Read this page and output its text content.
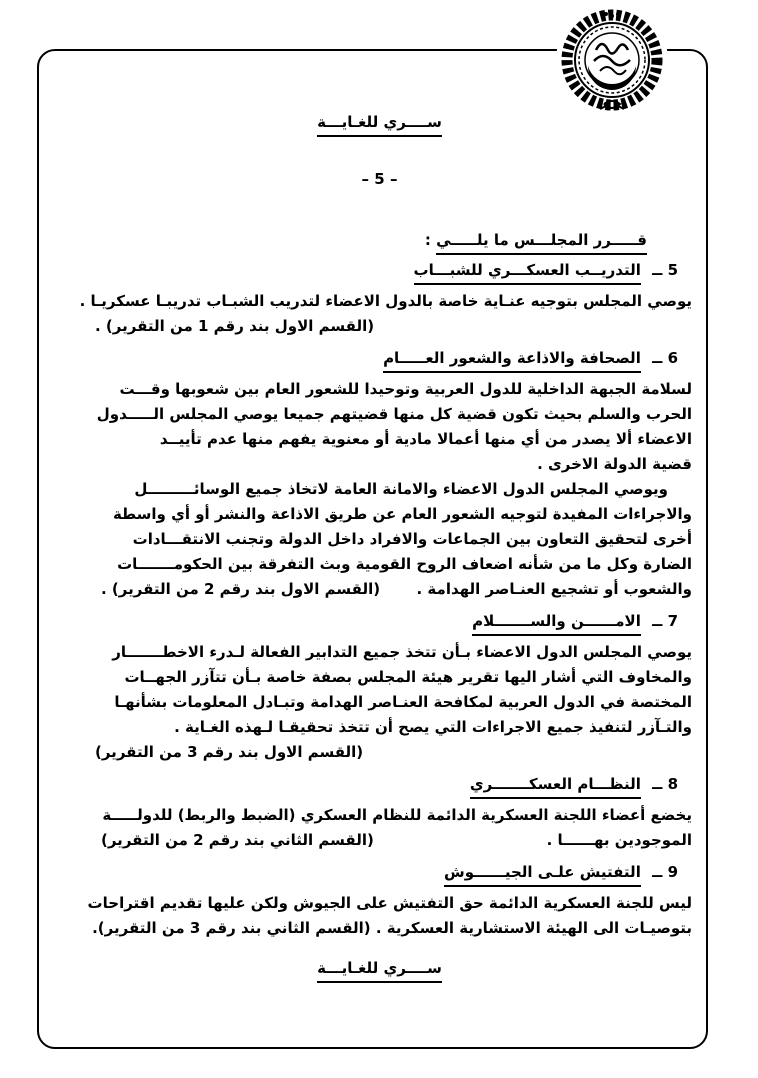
ســــري للغـايـــة
– 5 –
قـــــرر المجلـــس ما يلـــــي :
5 ــ التدريــب العسكـــري للشبـــاب
يوصي المجلس بتوجيه عنـاية خاصة بالدول الاعضاء لتدريب الشبـاب تدريبـا عسكريـا .
(القسم الاول بند رقم 1 من التقرير) .
6 ــ الصحافة والاذاعة والشعور العـــــام
لسلامة الجبهة الداخلية للدول العربية وتوحيدا للشعور العام بين شعوبها وقـــت
الحرب والسلم بحيث تكون قضية كل منها قضيتهم جميعا يوصي المجلس الـــــدول
الاعضاء ألا يصدر من أي منها أعمالا مادية أو معنوية يفهم منها عدم تأييــد
قضية الدولة الاخرى .
ويوصي المجلس الدول الاعضاء والامانة العامة لاتخاذ جميع الوسائـــــــــل
والاجراءات المفيدة لتوجيه الشعور العام عن طريق الاذاعة والنشر أو أي واسطة
أخرى لتحقيق التعاون بين الجماعات والافراد داخل الدولة وتجنب الانتقـــادات
الضارة وكل ما من شأنه اضعاف الروح القومية وبث التفرقة بين الحكومـــــــات
والشعوب أو تشجيع العنـاصر الهدامة .
(القسم الاول بند رقم 2 من التقرير) .
7 ــ الامــــــن والســـــــلام
يوصي المجلس الدول الاعضاء بـأن تتخذ جميع التدابير الفعالة لـدرء الاخطـــــــار
والمخاوف التي أشار اليها تقرير هيئة المجلس بصفة خاصة بـأن تتآزر الجهــات
المختصة في الدول العربية لمكافحة العنـاصر الهدامة وتبـادل المعلومات بشأنهـا
والتـآزر لتنفيذ جميع الاجراءات التي يصح أن تتخذ تحقيقـا لـهذه الغـاية .
(القسم الاول بند رقم 3 من التقرير)
8 ــ النظـــام العسكـــــــري
يخضع أعضاء اللجنة العسكرية الدائمة للنظام العسكري (الضبط والربط) للدولـــــة
الموجودين بهــــــا .
(القسم الثاني بند رقم 2 من التقرير)
9 ــ التفتيش علـى الجيــــــوش
ليس للجنة العسكرية الدائمة حق التفتيش على الجيوش ولكن عليها تقديم اقتراحات
بتوصيـات الى الهيئة الاستشارية العسكرية . (القسم الثاني بند رقم 3 من التقرير).
ســــري للغـايـــة
